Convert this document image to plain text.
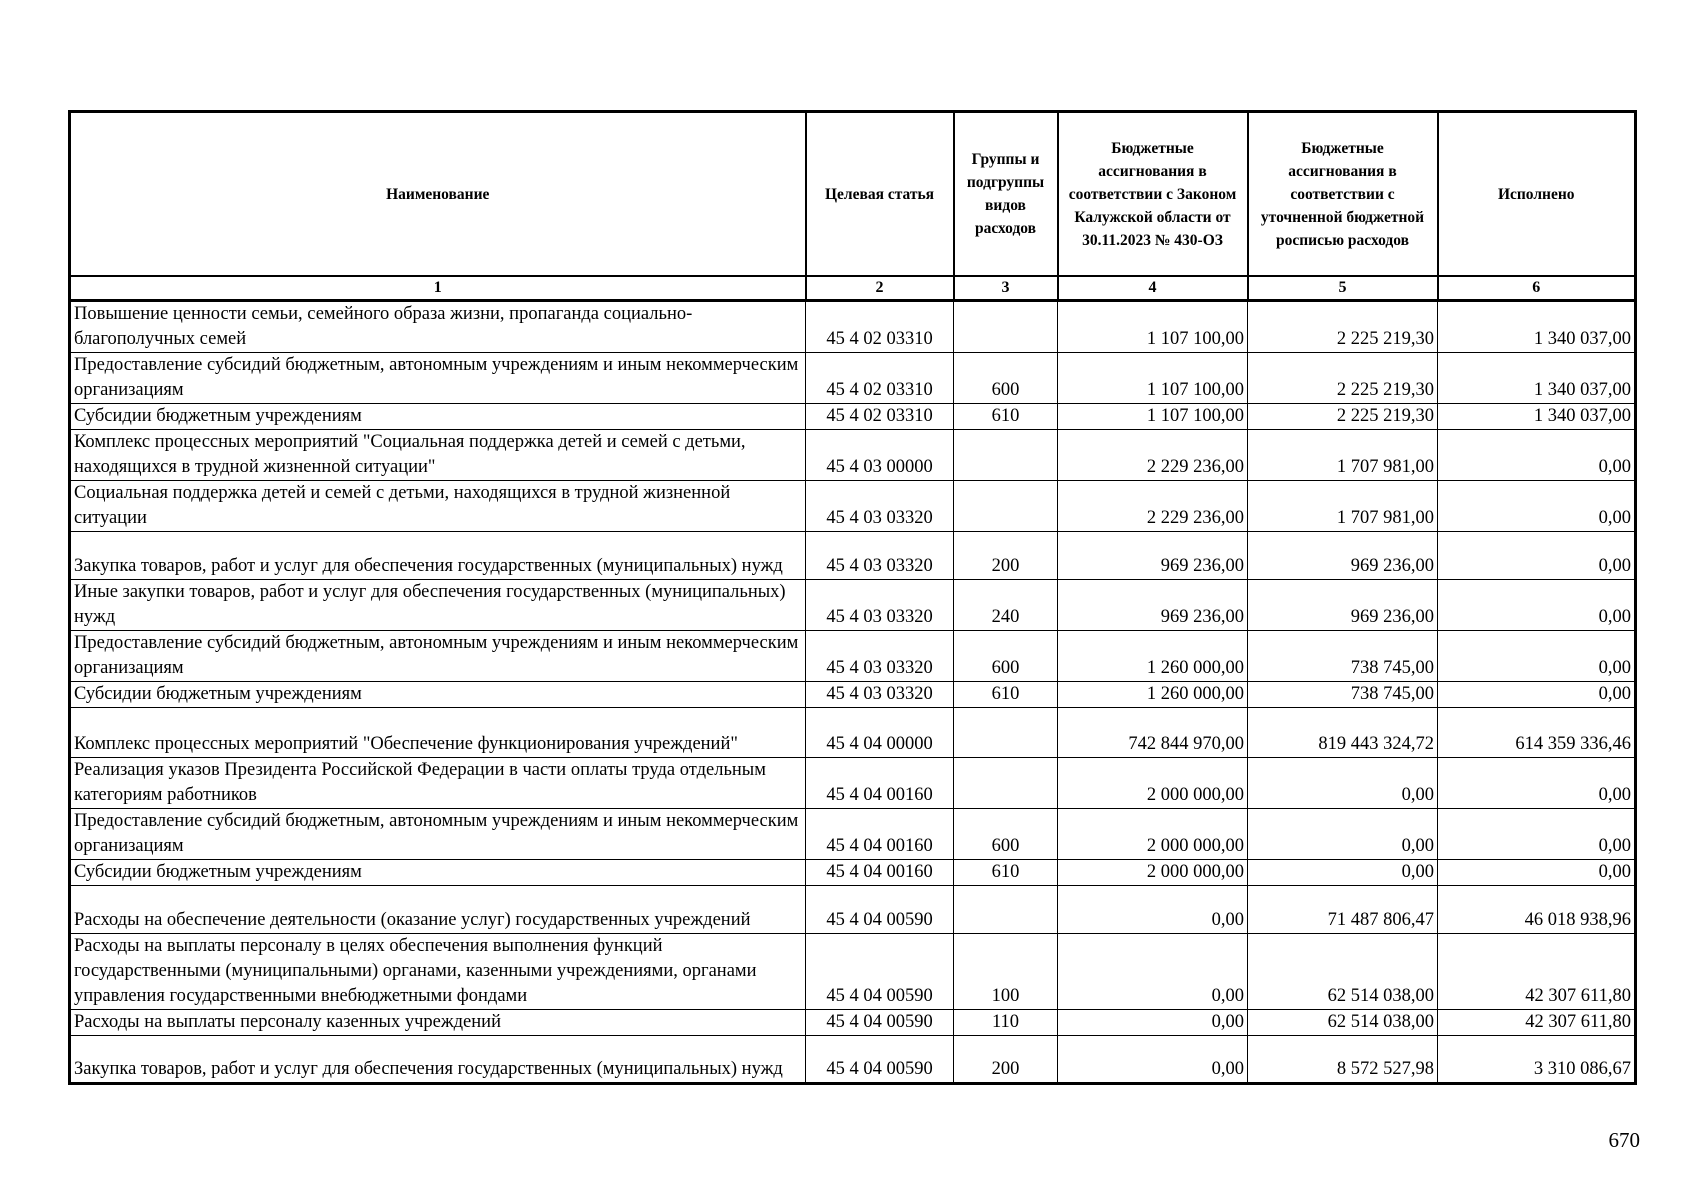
Наименование	Целевая статья	Группы и подгруппы видов расходов	Бюджетные ассигнования в соответствии с Законом Калужской области от 30.11.2023 № 430-ОЗ	Бюджетные ассигнования в соответствии с уточненной бюджетной росписью расходов	Исполнено
1	2	3	4	5	6
Повышение ценности семьи, семейного образа жизни, пропаганда социально-благополучных семей	45 4 02 03310		1 107 100,00	2 225 219,30	1 340 037,00
Предоставление субсидий бюджетным, автономным учреждениям и иным некоммерческим организациям	45 4 02 03310	600	1 107 100,00	2 225 219,30	1 340 037,00
Субсидии бюджетным учреждениям	45 4 02 03310	610	1 107 100,00	2 225 219,30	1 340 037,00
Комплекс процессных мероприятий "Социальная поддержка детей и семей с детьми, находящихся в трудной жизненной ситуации"	45 4 03 00000		2 229 236,00	1 707 981,00	0,00
Социальная поддержка детей и семей с детьми, находящихся в трудной жизненной ситуации	45 4 03 03320		2 229 236,00	1 707 981,00	0,00
Закупка товаров, работ и услуг для обеспечения государственных (муниципальных) нужд	45 4 03 03320	200	969 236,00	969 236,00	0,00
Иные закупки товаров, работ и услуг для обеспечения государственных (муниципальных) нужд	45 4 03 03320	240	969 236,00	969 236,00	0,00
Предоставление субсидий бюджетным, автономным учреждениям и иным некоммерческим организациям	45 4 03 03320	600	1 260 000,00	738 745,00	0,00
Субсидии бюджетным учреждениям	45 4 03 03320	610	1 260 000,00	738 745,00	0,00
Комплекс процессных мероприятий "Обеспечение функционирования учреждений"	45 4 04 00000		742 844 970,00	819 443 324,72	614 359 336,46
Реализация указов Президента Российской Федерации в части оплаты труда отдельным категориям работников	45 4 04 00160		2 000 000,00	0,00	0,00
Предоставление субсидий бюджетным, автономным учреждениям и иным некоммерческим организациям	45 4 04 00160	600	2 000 000,00	0,00	0,00
Субсидии бюджетным учреждениям	45 4 04 00160	610	2 000 000,00	0,00	0,00
Расходы на обеспечение деятельности (оказание услуг) государственных учреждений	45 4 04 00590		0,00	71 487 806,47	46 018 938,96
Расходы на выплаты персоналу в целях обеспечения выполнения функций государственными (муниципальными) органами, казенными учреждениями, органами управления государственными внебюджетными фондами	45 4 04 00590	100	0,00	62 514 038,00	42 307 611,80
Расходы на выплаты персоналу казенных учреждений	45 4 04 00590	110	0,00	62 514 038,00	42 307 611,80
Закупка товаров, работ и услуг для обеспечения государственных (муниципальных) нужд	45 4 04 00590	200	0,00	8 572 527,98	3 310 086,67
670
